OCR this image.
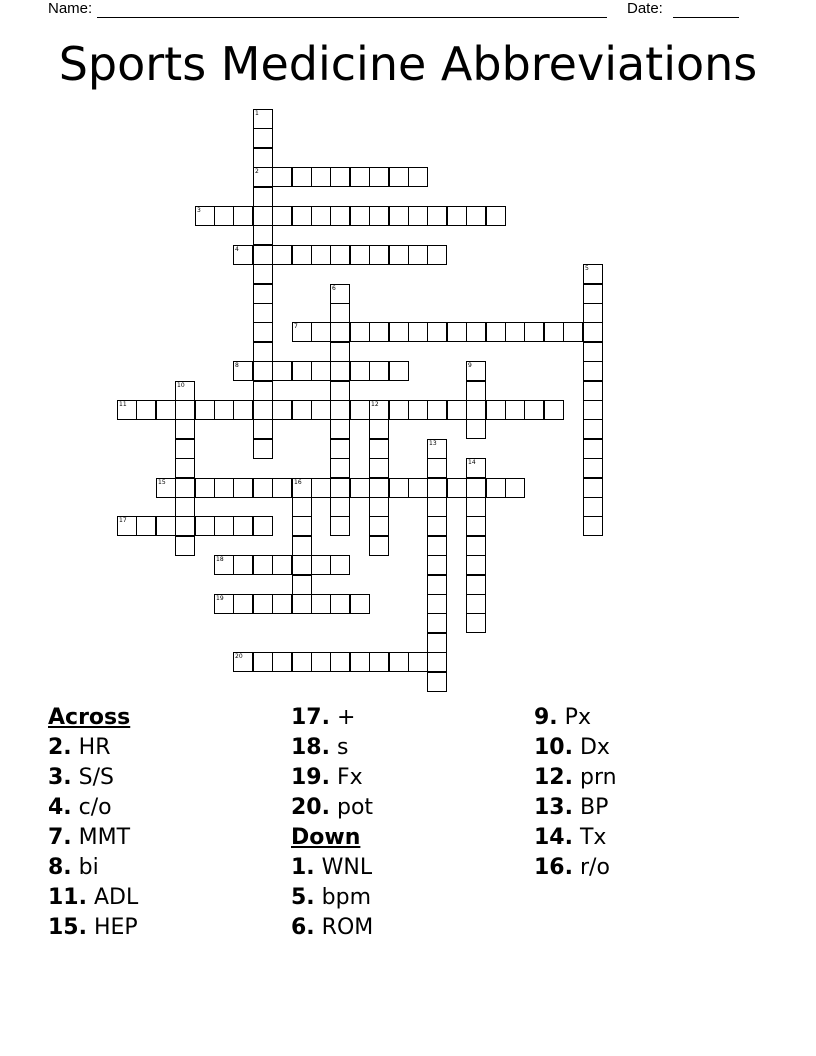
Name:	Date:
Sports Medicine Abbreviations
1
2
3
4
5
6
7
8	9
10
11	12
13
14
15	16
17
18
19
20
Across
2. HR
3. S/S
4. c/o
7. MMT
8. bi
11. ADL
15. HEP
17. +
18. s
19. Fx
20. pot
Down
1. WNL
5. bpm
6. ROM
9. Px
10. Dx
12. prn
13. BP
14. Tx
16. r/o
